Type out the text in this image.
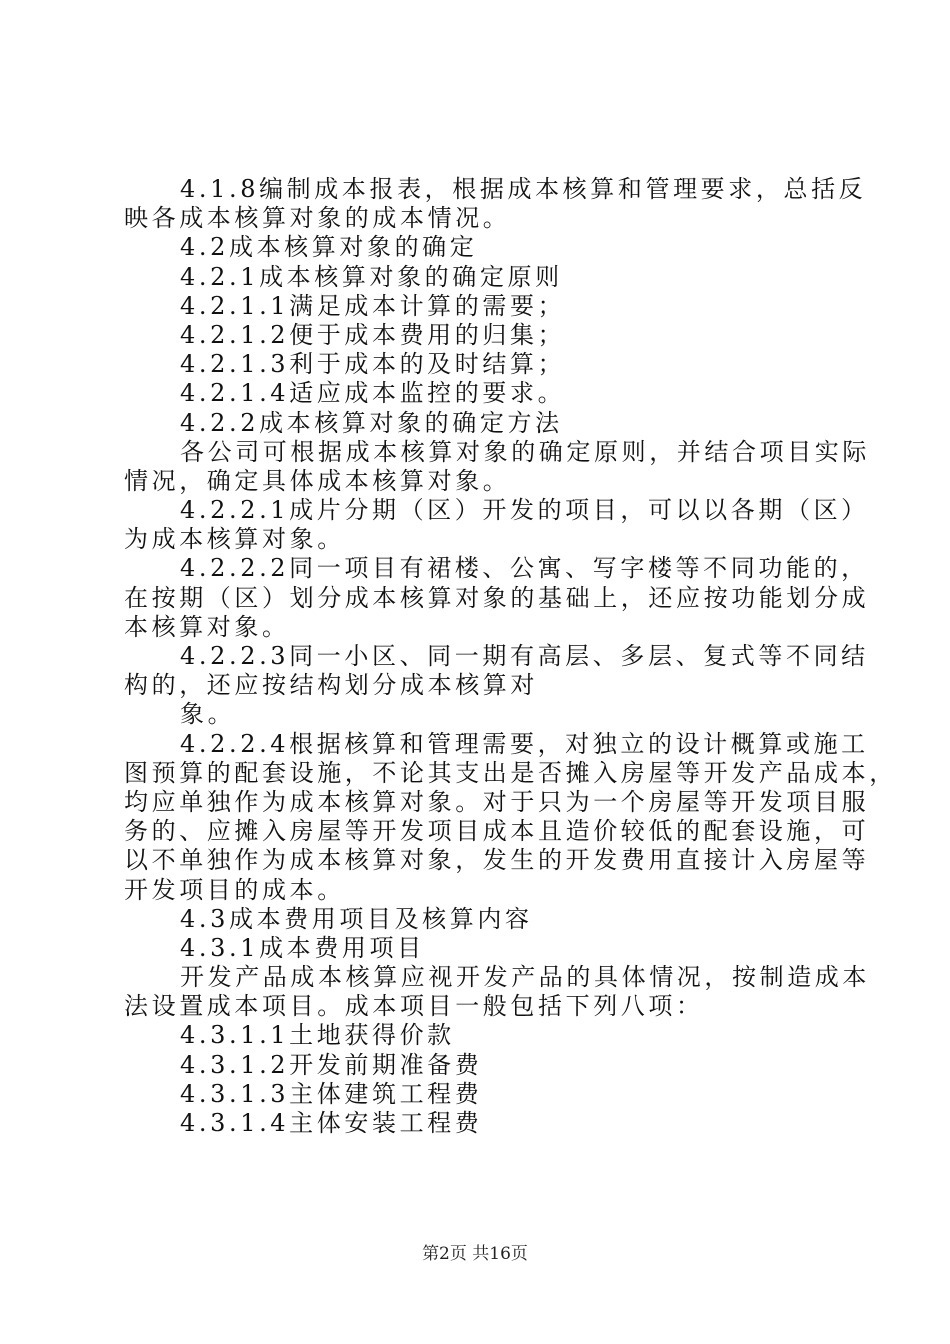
4.1.8编制成本报表，根据成本核算和管理要求，总括反
映各成本核算对象的成本情况。
4.2成本核算对象的确定
4.2.1成本核算对象的确定原则
4.2.1.1满足成本计算的需要；
4.2.1.2便于成本费用的归集；
4.2.1.3利于成本的及时结算；
4.2.1.4适应成本监控的要求。
4.2.2成本核算对象的确定方法
各公司可根据成本核算对象的确定原则，并结合项目实际
情况，确定具体成本核算对象。
4.2.2.1成片分期（区）开发的项目，可以以各期（区）
为成本核算对象。
4.2.2.2同一项目有裙楼、公寓、写字楼等不同功能的，
在按期（区）划分成本核算对象的基础上，还应按功能划分成
本核算对象。
4.2.2.3同一小区、同一期有高层、多层、复式等不同结
构的，还应按结构划分成本核算对
象。
4.2.2.4根据核算和管理需要，对独立的设计概算或施工
图预算的配套设施，不论其支出是否摊入房屋等开发产品成本，
均应单独作为成本核算对象。对于只为一个房屋等开发项目服
务的、应摊入房屋等开发项目成本且造价较低的配套设施，可
以不单独作为成本核算对象，发生的开发费用直接计入房屋等
开发项目的成本。
4.3成本费用项目及核算内容
4.3.1成本费用项目
开发产品成本核算应视开发产品的具体情况，按制造成本
法设置成本项目。成本项目一般包括下列八项：
4.3.1.1土地获得价款
4.3.1.2开发前期准备费
4.3.1.3主体建筑工程费
4.3.1.4主体安装工程费
第2页 共16页
